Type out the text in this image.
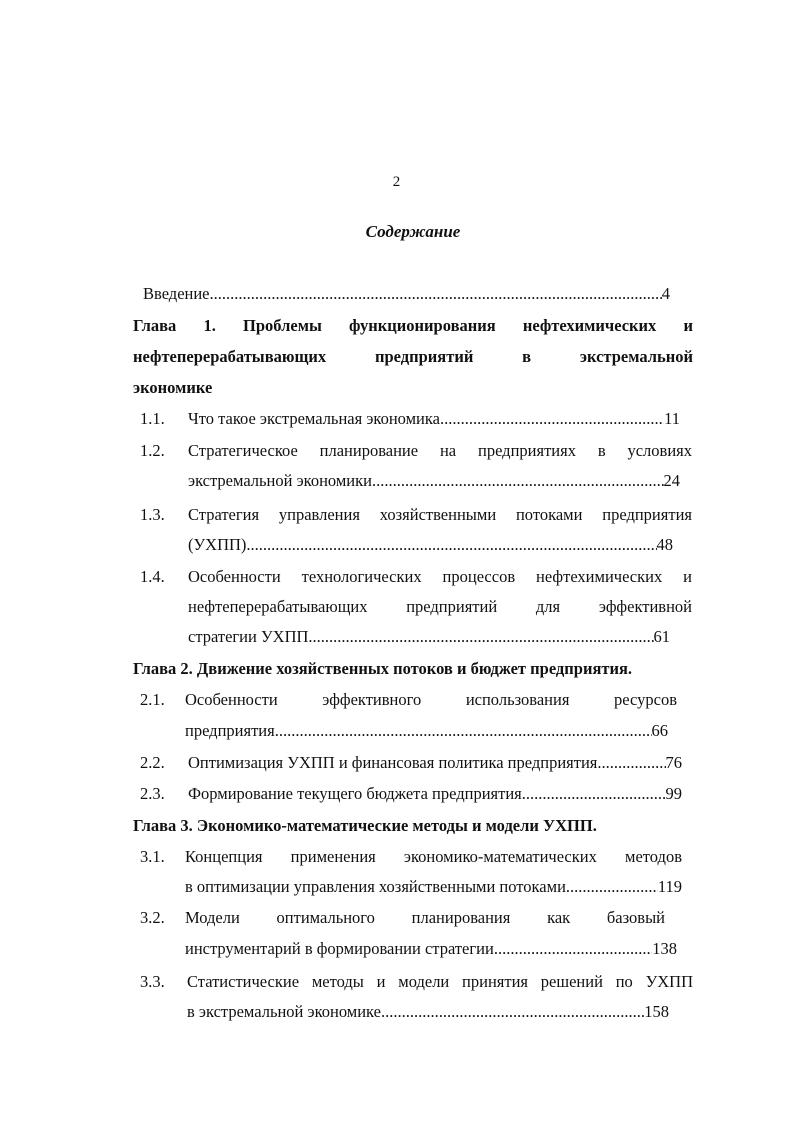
2
Содержание
Введение .....	4
Глава 1. Проблемы функционирования нефтехимических и
нефтеперерабатывающих предприятий в экстремальной
экономике
1.1. Что такое экстремальная экономика .....	11
1.2. Стратегическое планирование на предприятиях в условиях
экстремальной экономики .....	24
1.3. Стратегия управления хозяйственными потоками предприятия
(УХПП) .....	48
1.4. Особенности технологических процессов нефтехимических и
нефтеперерабатывающих предприятий для эффективной
стратегии УХПП .....	61
Глава 2. Движение хозяйственных потоков и бюджет предприятия.
2.1. Особенности эффективного использования ресурсов
предприятия. .....	66
2.2. Оптимизация УХПП и финансовая политика предприятия .....	76
2.3. Формирование текущего бюджета предприятия .....	99
Глава 3. Экономико-математические методы и модели УХПП.
3.1. Концепция применения экономико-математических методов
в оптимизации управления хозяйственными потоками .....	119
3.2. Модели оптимального планирования как базовый
инструментарий в формировании стратегии .....	138
3.3. Статистические методы и модели принятия решений по УХПП
в экстремальной экономике .....	158
